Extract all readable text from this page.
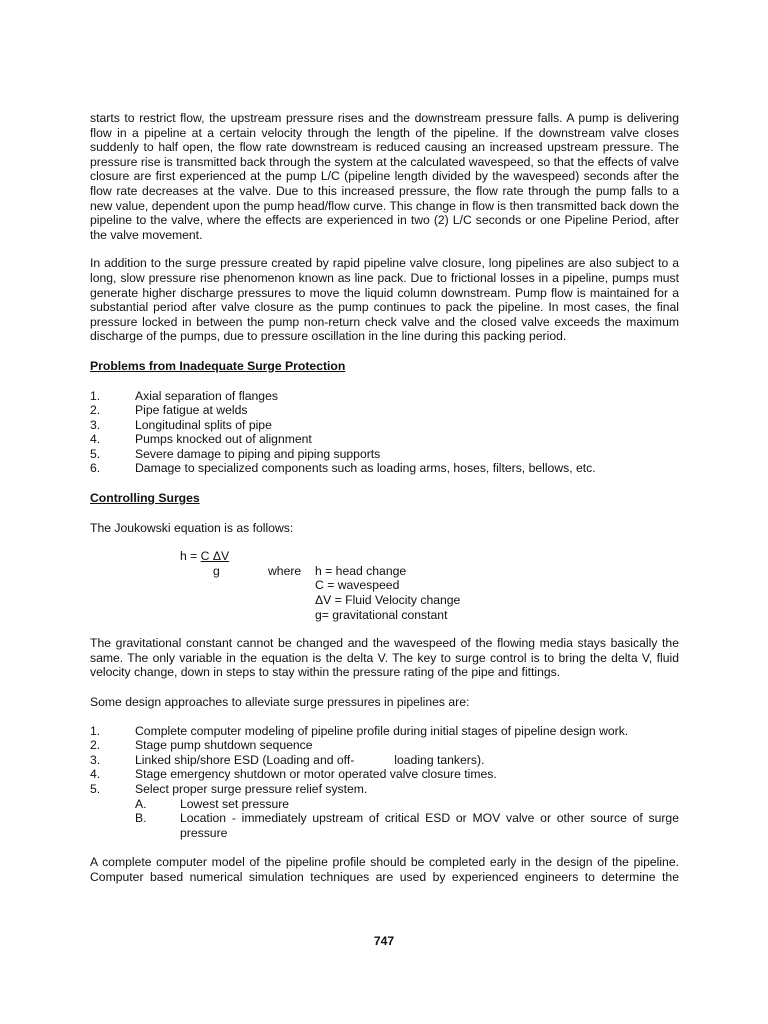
starts to restrict flow, the upstream pressure rises and the downstream pressure falls. A pump is delivering flow in a pipeline at a certain velocity through the length of the pipeline. If the downstream valve closes suddenly to half open, the flow rate downstream is reduced causing an increased upstream pressure. The pressure rise is transmitted back through the system at the calculated wavespeed, so that the effects of valve closure are first experienced at the pump L/C (pipeline length divided by the wavespeed) seconds after the flow rate decreases at the valve. Due to this increased pressure, the flow rate through the pump falls to a new value, dependent upon the pump head/flow curve. This change in flow is then transmitted back down the pipeline to the valve, where the effects are experienced in two (2) L/C seconds or one Pipeline Period, after the valve movement.

In addition to the surge pressure created by rapid pipeline valve closure, long pipelines are also subject to a long, slow pressure rise phenomenon known as line pack. Due to frictional losses in a pipeline, pumps must generate higher discharge pressures to move the liquid column downstream. Pump flow is maintained for a substantial period after valve closure as the pump continues to pack the pipeline. In most cases, the final pressure locked in between the pump non-return check valve and the closed valve exceeds the maximum discharge of the pumps, due to pressure oscillation in the line during this packing period.

Problems from Inadequate Surge Protection
1.	Axial separation of flanges
2.	Pipe fatigue at welds
3.	Longitudinal splits of pipe
4.	Pumps knocked out of alignment
5.	Severe damage to piping and piping supports
6.	Damage to specialized components such as loading arms, hoses, filters, bellows, etc.
Controlling Surges

The Joukowski equation is as follows:

h = C ΔV
g	where h = head change
C = wavespeed
ΔV = Fluid Velocity change
g= gravitational constant

The gravitational constant cannot be changed and the wavespeed of the flowing media stays basically the same. The only variable in the equation is the delta V. The key to surge control is to bring the delta V, fluid velocity change, down in steps to stay within the pressure rating of the pipe and fittings.

Some design approaches to alleviate surge pressures in pipelines are:

1.	Complete computer modeling of pipeline profile during initial stages of pipeline design work.
2.	Stage pump shutdown sequence
3.	Linked ship/shore ESD (Loading and off-	loading tankers).
4.	Stage emergency shutdown or motor operated valve closure times.
5.	Select proper surge pressure relief system.
A.	Lowest set pressure
B.	Location - immediately upstream of critical ESD or MOV valve or other source of surge pressure

A complete computer model of the pipeline profile should be completed early in the design of the pipeline. Computer based numerical simulation techniques are used by experienced engineers to determine the

747
